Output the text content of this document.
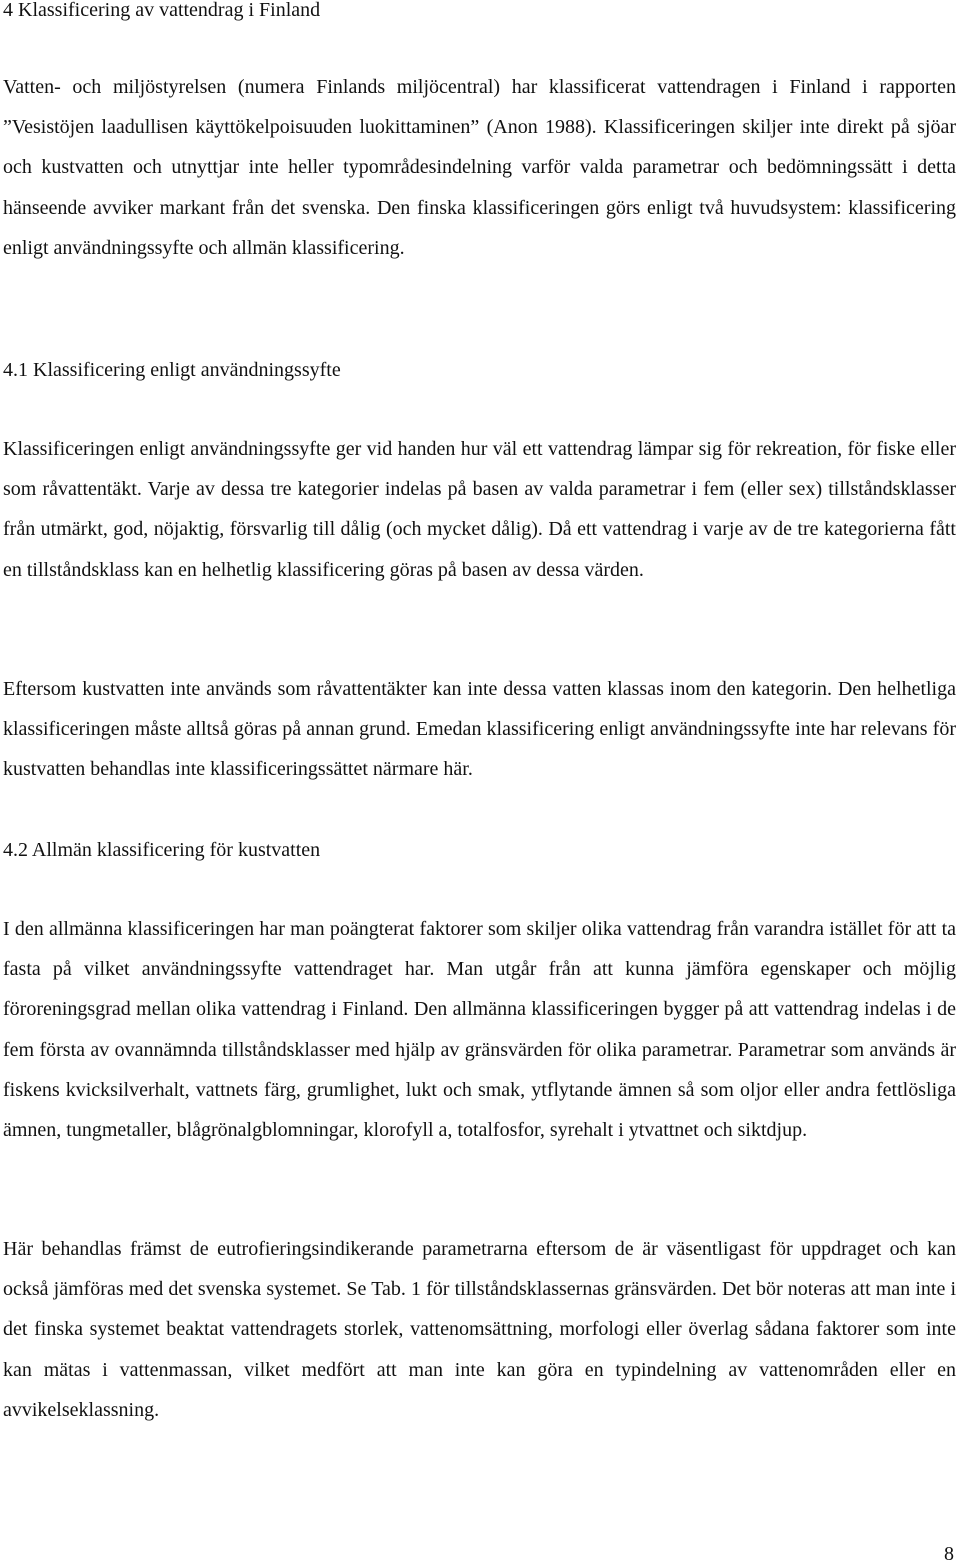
4 Klassificering av vattendrag i Finland

Vatten- och miljöstyrelsen (numera Finlands miljöcentral) har klassificerat vattendragen i Finland i rapporten ”Vesistöjen laadullisen käyttökelpoisuuden luokittaminen” (Anon 1988). Klassificeringen skiljer inte direkt på sjöar och kustvatten och utnyttjar inte heller typområdesindelning varför valda parametrar och bedömningssätt i detta hänseende avviker markant från det svenska. Den finska klassificeringen görs enligt två huvudsystem: klassificering enligt användningssyfte och allmän klassificering.

4.1 Klassificering enligt användningssyfte

Klassificeringen enligt användningssyfte ger vid handen hur väl ett vattendrag lämpar sig för rekreation, för fiske eller som råvattentäkt. Varje av dessa tre kategorier indelas på basen av valda parametrar i fem (eller sex) tillståndsklasser från utmärkt, god, nöjaktig, försvarlig till dålig (och mycket dålig). Då ett vattendrag i varje av de tre kategorierna fått en tillståndsklass kan en helhetlig klassificering göras på basen av dessa värden.

Eftersom kustvatten inte används som råvattentäkter kan inte dessa vatten klassas inom den kategorin. Den helhetliga klassificeringen måste alltså göras på annan grund. Emedan klassificering enligt användningssyfte inte har relevans för kustvatten behandlas inte klassificeringssättet närmare här.

4.2 Allmän klassificering för kustvatten

I den allmänna klassificeringen har man poängterat faktorer som skiljer olika vattendrag från varandra istället för att ta fasta på vilket användningssyfte vattendraget har. Man utgår från att kunna jämföra egenskaper och möjlig föroreningsgrad mellan olika vattendrag i Finland. Den allmänna klassificeringen bygger på att vattendrag indelas i de fem första av ovannämnda tillståndsklasser med hjälp av gränsvärden för olika parametrar. Parametrar som används är fiskens kvicksilverhalt, vattnets färg, grumlighet, lukt och smak, ytflytande ämnen så som oljor eller andra fettlösliga ämnen, tungmetaller, blågrönalgblomningar, klorofyll a, totalfosfor, syrehalt i ytvattnet och siktdjup.

Här behandlas främst de eutrofieringsindikerande parametrarna eftersom de är väsentligast för uppdraget och kan också jämföras med det svenska systemet. Se Tab. 1 för tillståndsklassernas gränsvärden. Det bör noteras att man inte i det finska systemet beaktat vattendragets storlek, vattenomsättning, morfologi eller överlag sådana faktorer som inte kan mätas i vattenmassan, vilket medfört att man inte kan göra en typindelning av vattenområden eller en avvikelseklassning.

8
